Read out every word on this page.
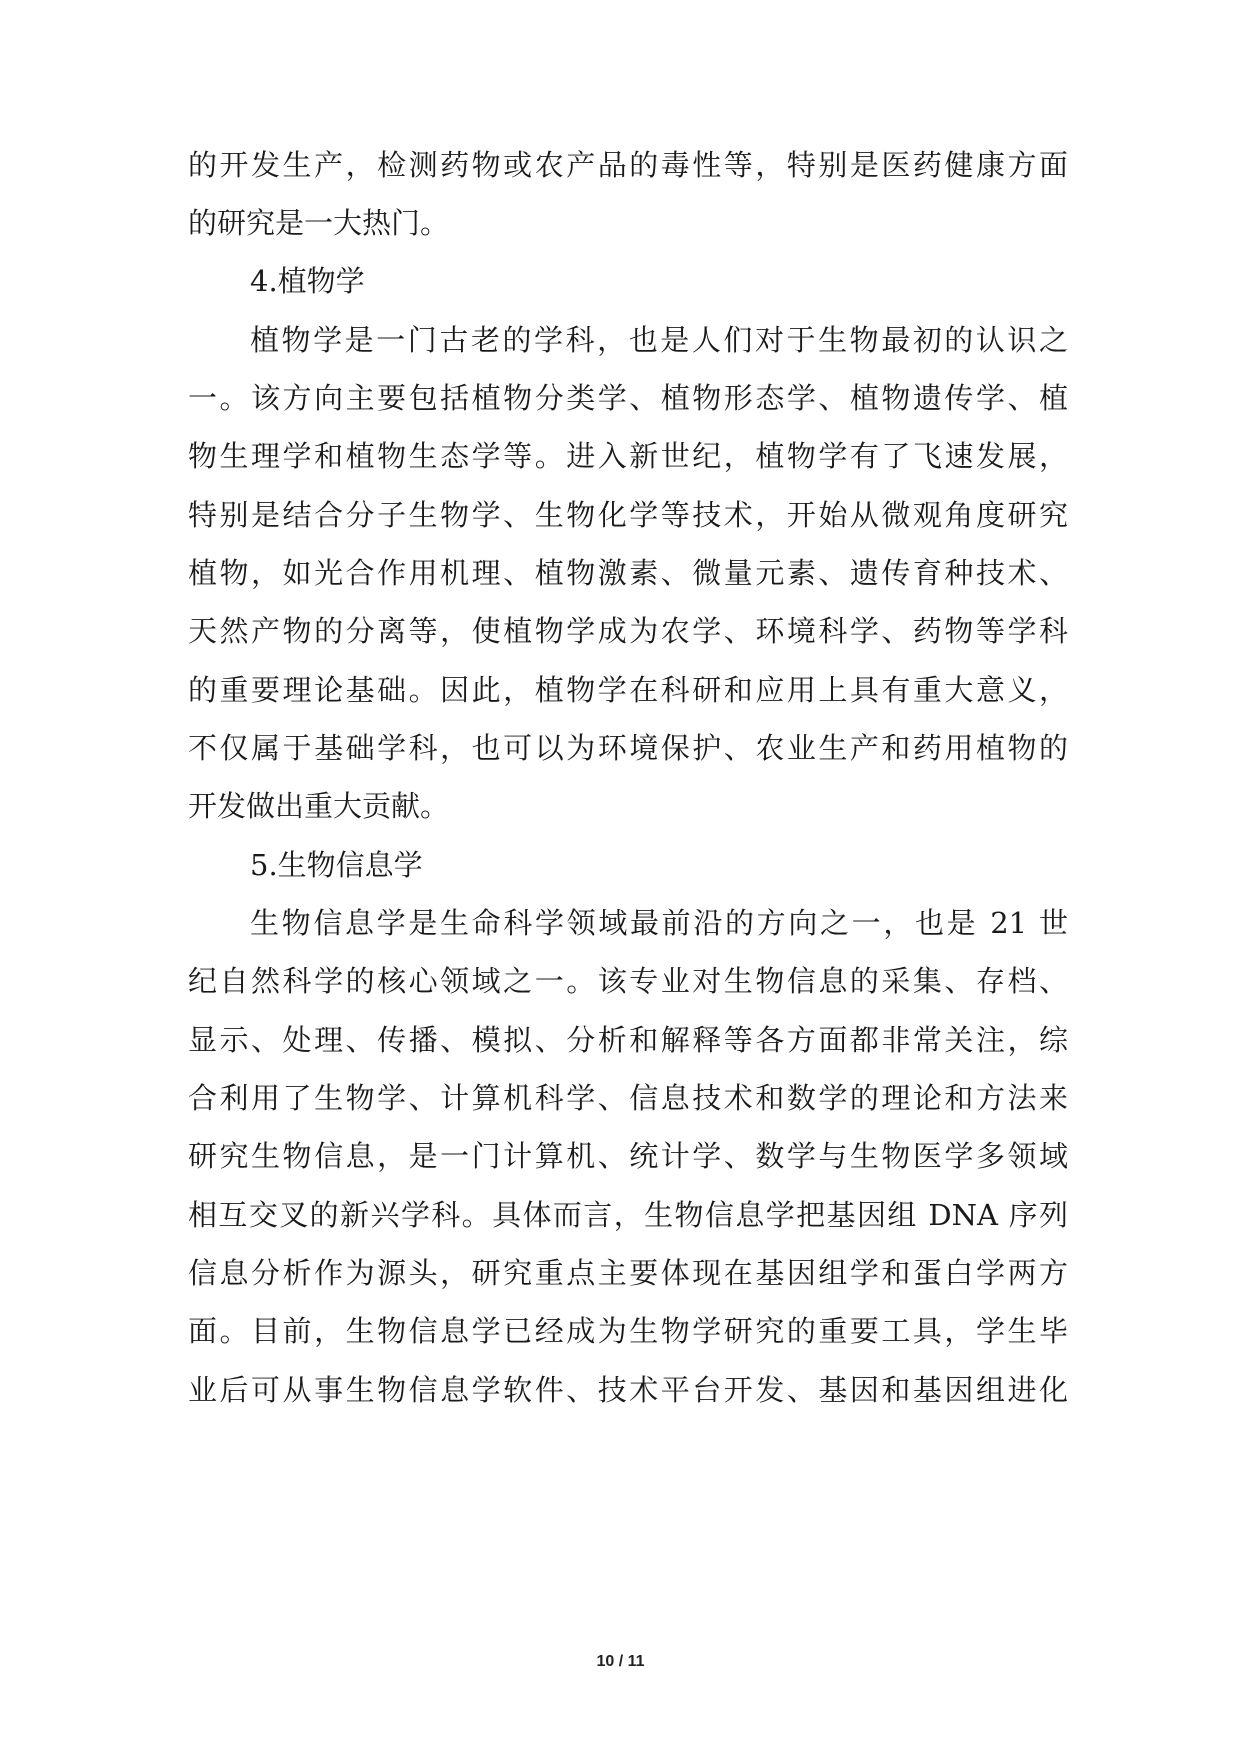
的开发生产，检测药物或农产品的毒性等，特别是医药健康方面
的研究是一大热门。
4.植物学
植物学是一门古老的学科，也是人们对于生物最初的认识之
一。该方向主要包括植物分类学、植物形态学、植物遗传学、植
物生理学和植物生态学等。进入新世纪，植物学有了飞速发展，
特别是结合分子生物学、生物化学等技术，开始从微观角度研究
植物，如光合作用机理、植物激素、微量元素、遗传育种技术、
天然产物的分离等，使植物学成为农学、环境科学、药物等学科
的重要理论基础。因此，植物学在科研和应用上具有重大意义，
不仅属于基础学科，也可以为环境保护、农业生产和药用植物的
开发做出重大贡献。
5.生物信息学
生物信息学是生命科学领域最前沿的方向之一，也是 21 世
纪自然科学的核心领域之一。该专业对生物信息的采集、存档、
显示、处理、传播、模拟、分析和解释等各方面都非常关注，综
合利用了生物学、计算机科学、信息技术和数学的理论和方法来
研究生物信息，是一门计算机、统计学、数学与生物医学多领域
相互交叉的新兴学科。具体而言，生物信息学把基因组 DNA 序列
信息分析作为源头，研究重点主要体现在基因组学和蛋白学两方
面。目前，生物信息学已经成为生物学研究的重要工具，学生毕
业后可从事生物信息学软件、技术平台开发、基因和基因组进化
10 / 11
